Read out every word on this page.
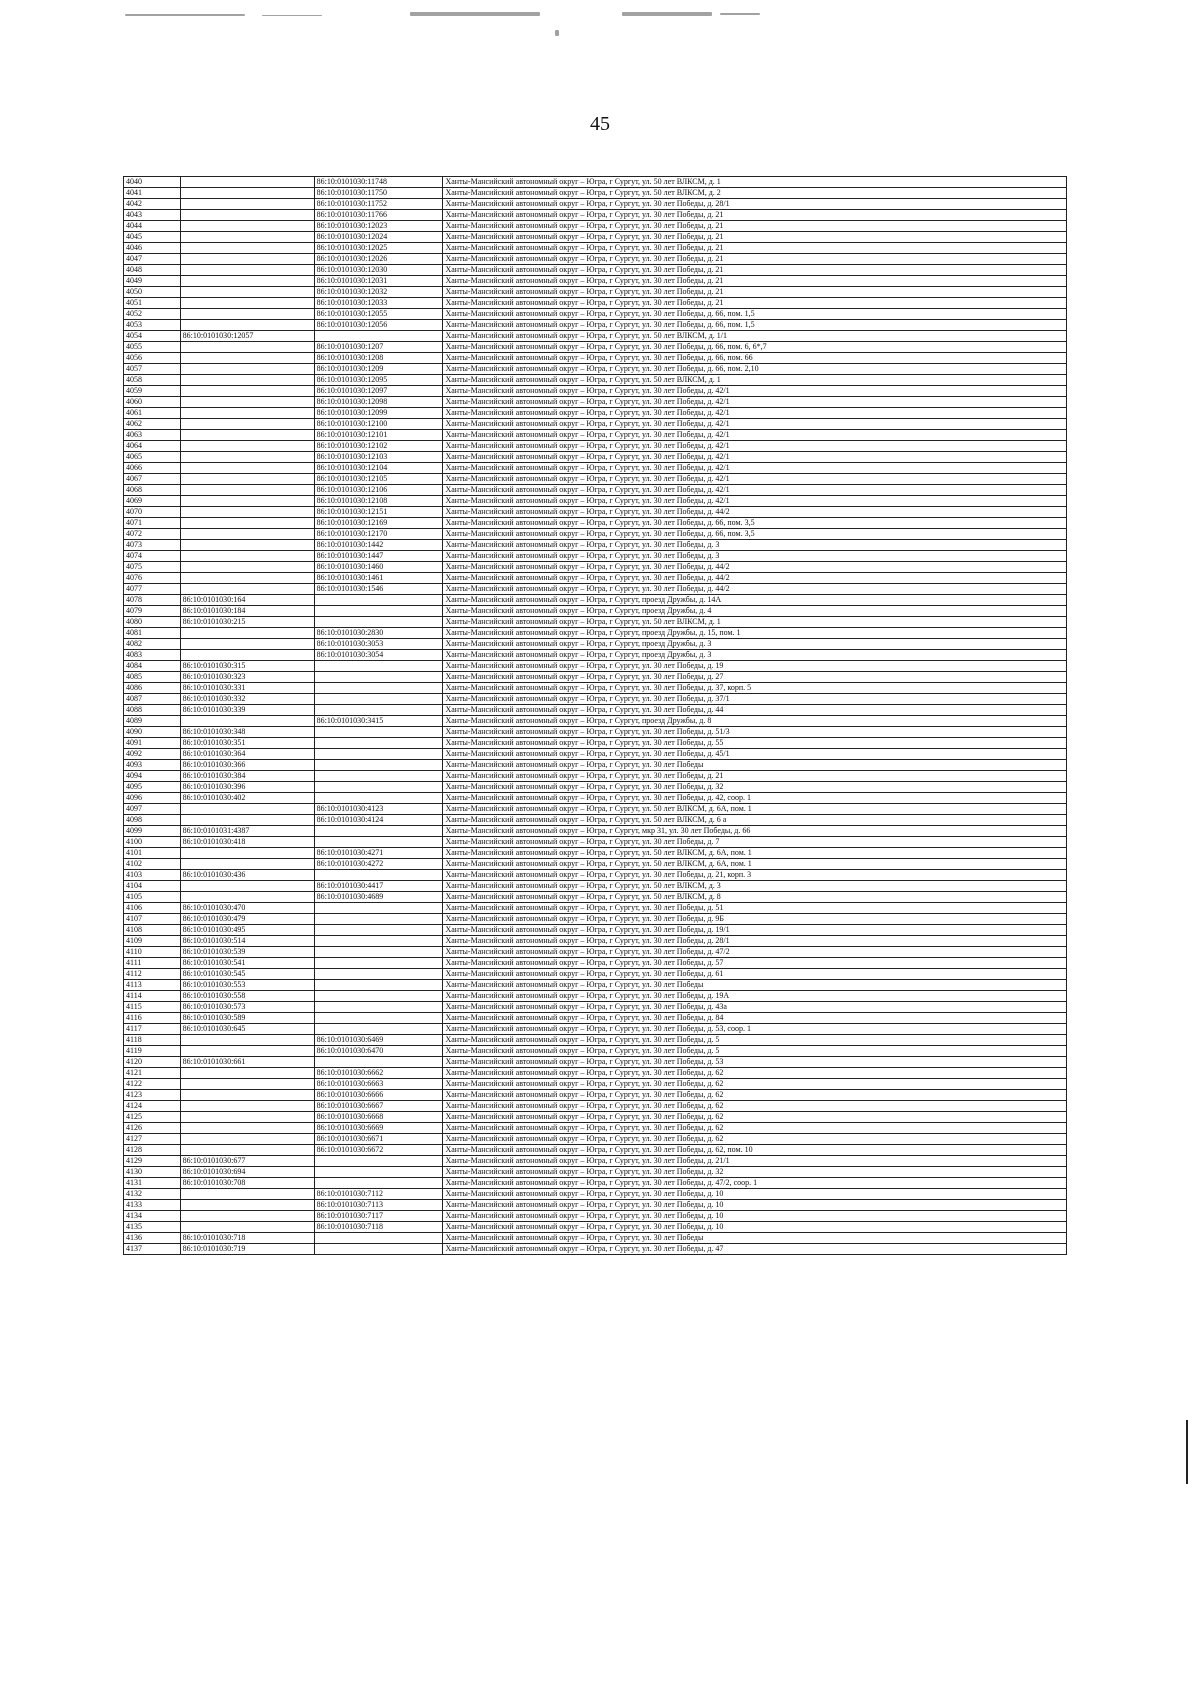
45
4040		86:10:0101030:11748	Ханты-Мансийский автономный округ – Югра, г Сургут, ул. 50 лет ВЛКСМ, д. 1
4041		86:10:0101030:11750	Ханты-Мансийский автономный округ – Югра, г Сургут, ул. 50 лет ВЛКСМ, д. 2
4042		86:10:0101030:11752	Ханты-Мансийский автономный округ – Югра, г Сургут, ул. 30 лет Победы, д. 28/1
4043		86:10:0101030:11766	Ханты-Мансийский автономный округ – Югра, г Сургут, ул. 30 лет Победы, д. 21
4044		86:10:0101030:12023	Ханты-Мансийский автономный округ – Югра, г Сургут, ул. 30 лет Победы, д. 21
4045		86:10:0101030:12024	Ханты-Мансийский автономный округ – Югра, г Сургут, ул. 30 лет Победы, д. 21
4046		86:10:0101030:12025	Ханты-Мансийский автономный округ – Югра, г Сургут, ул. 30 лет Победы, д. 21
4047		86:10:0101030:12026	Ханты-Мансийский автономный округ – Югра, г Сургут, ул. 30 лет Победы, д. 21
4048		86:10:0101030:12030	Ханты-Мансийский автономный округ – Югра, г Сургут, ул. 30 лет Победы, д. 21
4049		86:10:0101030:12031	Ханты-Мансийский автономный округ – Югра, г Сургут, ул. 30 лет Победы, д. 21
4050		86:10:0101030:12032	Ханты-Мансийский автономный округ – Югра, г Сургут, ул. 30 лет Победы, д. 21
4051		86:10:0101030:12033	Ханты-Мансийский автономный округ – Югра, г Сургут, ул. 30 лет Победы, д. 21
4052		86:10:0101030:12055	Ханты-Мансийский автономный округ – Югра, г Сургут, ул. 30 лет Победы, д. 66, пом. 1,5
4053		86:10:0101030:12056	Ханты-Мансийский автономный округ – Югра, г Сургут, ул. 30 лет Победы, д. 66, пом. 1,5
4054	86:10:0101030:12057		Ханты-Мансийский автономный округ – Югра, г Сургут, ул. 50 лет ВЛКСМ, д. 1/1
4055		86:10:0101030:1207	Ханты-Мансийский автономный округ – Югра, г Сургут, ул. 30 лет Победы, д. 66, пом. 6, 6*,7
4056		86:10:0101030:1208	Ханты-Мансийский автономный округ – Югра, г Сургут, ул. 30 лет Победы, д. 66, пом. 66
4057		86:10:0101030:1209	Ханты-Мансийский автономный округ – Югра, г Сургут, ул. 30 лет Победы, д. 66, пом. 2,10
4058		86:10:0101030:12095	Ханты-Мансийский автономный округ – Югра, г Сургут, ул. 50 лет ВЛКСМ, д. 1
4059		86:10:0101030:12097	Ханты-Мансийский автономный округ – Югра, г Сургут, ул. 30 лет Победы, д. 42/1
4060		86:10:0101030:12098	Ханты-Мансийский автономный округ – Югра, г Сургут, ул. 30 лет Победы, д. 42/1
4061		86:10:0101030:12099	Ханты-Мансийский автономный округ – Югра, г Сургут, ул. 30 лет Победы, д. 42/1
4062		86:10:0101030:12100	Ханты-Мансийский автономный округ – Югра, г Сургут, ул. 30 лет Победы, д. 42/1
4063		86:10:0101030:12101	Ханты-Мансийский автономный округ – Югра, г Сургут, ул. 30 лет Победы, д. 42/1
4064		86:10:0101030:12102	Ханты-Мансийский автономный округ – Югра, г Сургут, ул. 30 лет Победы, д. 42/1
4065		86:10:0101030:12103	Ханты-Мансийский автономный округ – Югра, г Сургут, ул. 30 лет Победы, д. 42/1
4066		86:10:0101030:12104	Ханты-Мансийский автономный округ – Югра, г Сургут, ул. 30 лет Победы, д. 42/1
4067		86:10:0101030:12105	Ханты-Мансийский автономный округ – Югра, г Сургут, ул. 30 лет Победы, д. 42/1
4068		86:10:0101030:12106	Ханты-Мансийский автономный округ – Югра, г Сургут, ул. 30 лет Победы, д. 42/1
4069		86:10:0101030:12108	Ханты-Мансийский автономный округ – Югра, г Сургут, ул. 30 лет Победы, д. 42/1
4070		86:10:0101030:12151	Ханты-Мансийский автономный округ – Югра, г Сургут, ул. 30 лет Победы, д. 44/2
4071		86:10:0101030:12169	Ханты-Мансийский автономный округ – Югра, г Сургут, ул. 30 лет Победы, д. 66, пом. 3,5
4072		86:10:0101030:12170	Ханты-Мансийский автономный округ – Югра, г Сургут, ул. 30 лет Победы, д. 66, пом. 3,5
4073		86:10:0101030:1442	Ханты-Мансийский автономный округ – Югра, г Сургут, ул. 30 лет Победы, д. 3
4074		86:10:0101030:1447	Ханты-Мансийский автономный округ – Югра, г Сургут, ул. 30 лет Победы, д. 3
4075		86:10:0101030:1460	Ханты-Мансийский автономный округ – Югра, г Сургут, ул. 30 лет Победы, д. 44/2
4076		86:10:0101030:1461	Ханты-Мансийский автономный округ – Югра, г Сургут, ул. 30 лет Победы, д. 44/2
4077		86:10:0101030:1546	Ханты-Мансийский автономный округ – Югра, г Сургут, ул. 30 лет Победы, д. 44/2
4078	86:10:0101030:164		Ханты-Мансийский автономный округ – Югра, г Сургут, проезд Дружбы, д. 14А
4079	86:10:0101030:184		Ханты-Мансийский автономный округ – Югра, г Сургут, проезд Дружбы, д. 4
4080	86:10:0101030:215		Ханты-Мансийский автономный округ – Югра, г Сургут, ул. 50 лет ВЛКСМ, д. 1
4081		86:10:0101030:2830	Ханты-Мансийский автономный округ – Югра, г Сургут, проезд Дружбы, д. 15, пом. 1
4082		86:10:0101030:3053	Ханты-Мансийский автономный округ – Югра, г Сургут, проезд Дружбы, д. 3
4083		86:10:0101030:3054	Ханты-Мансийский автономный округ – Югра, г Сургут, проезд Дружбы, д. 3
4084	86:10:0101030:315		Ханты-Мансийский автономный округ – Югра, г Сургут, ул. 30 лет Победы, д. 19
4085	86:10:0101030:323		Ханты-Мансийский автономный округ – Югра, г Сургут, ул. 30 лет Победы, д. 27
4086	86:10:0101030:331		Ханты-Мансийский автономный округ – Югра, г Сургут, ул. 30 лет Победы, д. 37, корп. 5
4087	86:10:0101030:332		Ханты-Мансийский автономный округ – Югра, г Сургут, ул. 30 лет Победы, д. 37/1
4088	86:10:0101030:339		Ханты-Мансийский автономный округ – Югра, г Сургут, ул. 30 лет Победы, д. 44
4089		86:10:0101030:3415	Ханты-Мансийский автономный округ – Югра, г Сургут, проезд Дружбы, д. 8
4090	86:10:0101030:348		Ханты-Мансийский автономный округ – Югра, г Сургут, ул. 30 лет Победы, д. 51/3
4091	86:10:0101030:351		Ханты-Мансийский автономный округ – Югра, г Сургут, ул. 30 лет Победы, д. 55
4092	86:10:0101030:364		Ханты-Мансийский автономный округ – Югра, г Сургут, ул. 30 лет Победы, д. 45/1
4093	86:10:0101030:366		Ханты-Мансийский автономный округ – Югра, г Сургут, ул. 30 лет Победы
4094	86:10:0101030:384		Ханты-Мансийский автономный округ – Югра, г Сургут, ул. 30 лет Победы, д. 21
4095	86:10:0101030:396		Ханты-Мансийский автономный округ – Югра, г Сургут, ул. 30 лет Победы, д. 32
4096	86:10:0101030:402		Ханты-Мансийский автономный округ – Югра, г Сургут, ул. 30 лет Победы, д. 42, соор. 1
4097		86:10:0101030:4123	Ханты-Мансийский автономный округ – Югра, г Сургут, ул. 50 лет ВЛКСМ, д. 6А, пом. 1
4098		86:10:0101030:4124	Ханты-Мансийский автономный округ – Югра, г Сургут, ул. 50 лет ВЛКСМ, д. 6 а
4099	86:10:0101031:4387		Ханты-Мансийский автономный округ – Югра, г Сургут, мкр 31, ул. 30 лет Победы, д. 66
4100	86:10:0101030:418		Ханты-Мансийский автономный округ – Югра, г Сургут, ул. 30 лет Победы, д. 7
4101		86:10:0101030:4271	Ханты-Мансийский автономный округ – Югра, г Сургут, ул. 50 лет ВЛКСМ, д. 6А, пом. 1
4102		86:10:0101030:4272	Ханты-Мансийский автономный округ – Югра, г Сургут, ул. 50 лет ВЛКСМ, д. 6А, пом. 1
4103	86:10:0101030:436		Ханты-Мансийский автономный округ – Югра, г Сургут, ул. 30 лет Победы, д. 21, корп. 3
4104		86:10:0101030:4417	Ханты-Мансийский автономный округ – Югра, г Сургут, ул. 50 лет ВЛКСМ, д. 3
4105		86:10:0101030:4689	Ханты-Мансийский автономный округ – Югра, г Сургут, ул. 50 лет ВЛКСМ, д. 8
4106	86:10:0101030:470		Ханты-Мансийский автономный округ – Югра, г Сургут, ул. 30 лет Победы, д. 51
4107	86:10:0101030:479		Ханты-Мансийский автономный округ – Югра, г Сургут, ул. 30 лет Победы, д. 9Б
4108	86:10:0101030:495		Ханты-Мансийский автономный округ – Югра, г Сургут, ул. 30 лет Победы, д. 19/1
4109	86:10:0101030:514		Ханты-Мансийский автономный округ – Югра, г Сургут, ул. 30 лет Победы, д. 28/1
4110	86:10:0101030:539		Ханты-Мансийский автономный округ – Югра, г Сургут, ул. 30 лет Победы, д. 47/2
4111	86:10:0101030:541		Ханты-Мансийский автономный округ – Югра, г Сургут, ул. 30 лет Победы, д. 57
4112	86:10:0101030:545		Ханты-Мансийский автономный округ – Югра, г Сургут, ул. 30 лет Победы, д. 61
4113	86:10:0101030:553		Ханты-Мансийский автономный округ – Югра, г Сургут, ул. 30 лет Победы
4114	86:10:0101030:558		Ханты-Мансийский автономный округ – Югра, г Сургут, ул. 30 лет Победы, д. 19А
4115	86:10:0101030:573		Ханты-Мансийский автономный округ – Югра, г Сургут, ул. 30 лет Победы, д. 43а
4116	86:10:0101030:589		Ханты-Мансийский автономный округ – Югра, г Сургут, ул. 30 лет Победы, д. 84
4117	86:10:0101030:645		Ханты-Мансийский автономный округ – Югра, г Сургут, ул. 30 лет Победы, д. 53, соор. 1
4118		86:10:0101030:6469	Ханты-Мансийский автономный округ – Югра, г Сургут, ул. 30 лет Победы, д. 5
4119		86:10:0101030:6470	Ханты-Мансийский автономный округ – Югра, г Сургут, ул. 30 лет Победы, д. 5
4120	86:10:0101030:661		Ханты-Мансийский автономный округ – Югра, г Сургут, ул. 30 лет Победы, д. 53
4121		86:10:0101030:6662	Ханты-Мансийский автономный округ – Югра, г Сургут, ул. 30 лет Победы, д. 62
4122		86:10:0101030:6663	Ханты-Мансийский автономный округ – Югра, г Сургут, ул. 30 лет Победы, д. 62
4123		86:10:0101030:6666	Ханты-Мансийский автономный округ – Югра, г Сургут, ул. 30 лет Победы, д. 62
4124		86:10:0101030:6667	Ханты-Мансийский автономный округ – Югра, г Сургут, ул. 30 лет Победы, д. 62
4125		86:10:0101030:6668	Ханты-Мансийский автономный округ – Югра, г Сургут, ул. 30 лет Победы, д. 62
4126		86:10:0101030:6669	Ханты-Мансийский автономный округ – Югра, г Сургут, ул. 30 лет Победы, д. 62
4127		86:10:0101030:6671	Ханты-Мансийский автономный округ – Югра, г Сургут, ул. 30 лет Победы, д. 62
4128		86:10:0101030:6672	Ханты-Мансийский автономный округ – Югра, г Сургут, ул. 30 лет Победы, д. 62, пом. 10
4129	86:10:0101030:677		Ханты-Мансийский автономный округ – Югра, г Сургут, ул. 30 лет Победы, д. 21/1
4130	86:10:0101030:694		Ханты-Мансийский автономный округ – Югра, г Сургут, ул. 30 лет Победы, д. 32
4131	86:10:0101030:708		Ханты-Мансийский автономный округ – Югра, г Сургут, ул. 30 лет Победы, д. 47/2, соор. 1
4132		86:10:0101030:7112	Ханты-Мансийский автономный округ – Югра, г Сургут, ул. 30 лет Победы, д. 10
4133		86:10:0101030:7113	Ханты-Мансийский автономный округ – Югра, г Сургут, ул. 30 лет Победы, д. 10
4134		86:10:0101030:7117	Ханты-Мансийский автономный округ – Югра, г Сургут, ул. 30 лет Победы, д. 10
4135		86:10:0101030:7118	Ханты-Мансийский автономный округ – Югра, г Сургут, ул. 30 лет Победы, д. 10
4136	86:10:0101030:718		Ханты-Мансийский автономный округ – Югра, г Сургут, ул. 30 лет Победы
4137	86:10:0101030:719		Ханты-Мансийский автономный округ – Югра, г Сургут, ул. 30 лет Победы, д. 47
